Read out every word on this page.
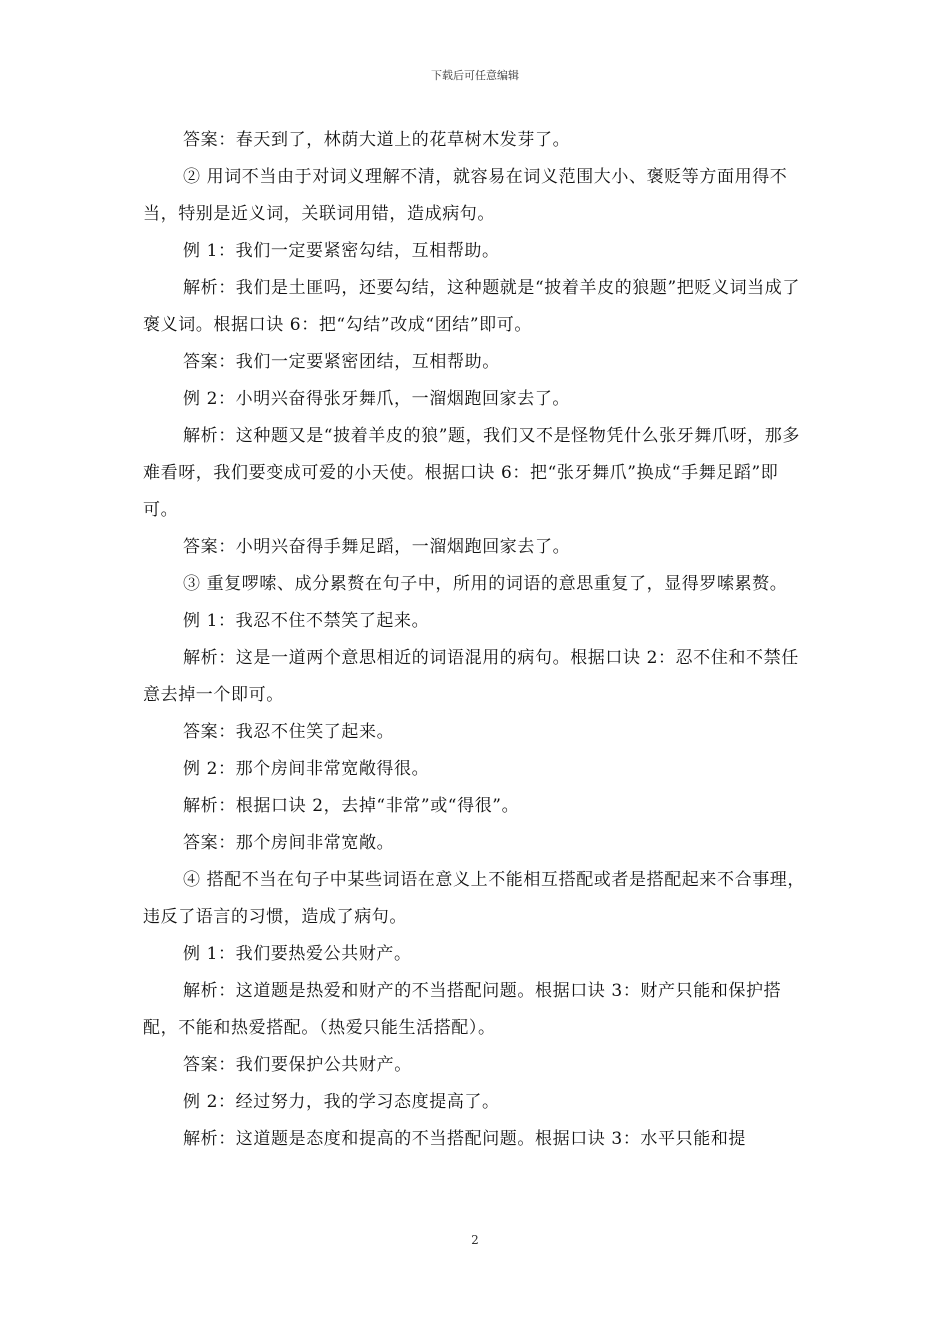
下载后可任意编辑

答案：春天到了，林荫大道上的花草树木发芽了。

② 用词不当由于对词义理解不清，就容易在词义范围大小、褒贬等方面用得不当，特别是近义词，关联词用错，造成病句。

例 1：我们一定要紧密勾结，互相帮助。

解析：我们是土匪吗，还要勾结，这种题就是“披着羊皮的狼题”把贬义词当成了褒义词。根据口诀 6：把“勾结”改成“团结”即可。

答案：我们一定要紧密团结，互相帮助。

例 2：小明兴奋得张牙舞爪，一溜烟跑回家去了。

解析：这种题又是“披着羊皮的狼”题，我们又不是怪物凭什么张牙舞爪呀，那多难看呀，我们要变成可爱的小天使。根据口诀 6：把“张牙舞爪”换成“手舞足蹈”即可。

答案：小明兴奋得手舞足蹈，一溜烟跑回家去了。

③ 重复啰嗦、成分累赘在句子中，所用的词语的意思重复了，显得罗嗦累赘。

例 1：我忍不住不禁笑了起来。

解析：这是一道两个意思相近的词语混用的病句。根据口诀 2：忍不住和不禁任意去掉一个即可。

答案：我忍不住笑了起来。

例 2：那个房间非常宽敞得很。

解析：根据口诀 2，去掉“非常”或“得很”。

答案：那个房间非常宽敞。

④ 搭配不当在句子中某些词语在意义上不能相互搭配或者是搭配起来不合事理，违反了语言的习惯，造成了病句。

例 1：我们要热爱公共财产。

解析：这道题是热爱和财产的不当搭配问题。根据口诀 3：财产只能和保护搭配，不能和热爱搭配。（热爱只能生活搭配）。

答案：我们要保护公共财产。

例 2：经过努力，我的学习态度提高了。

解析：这道题是态度和提高的不当搭配问题。根据口诀 3：水平只能和提

2
